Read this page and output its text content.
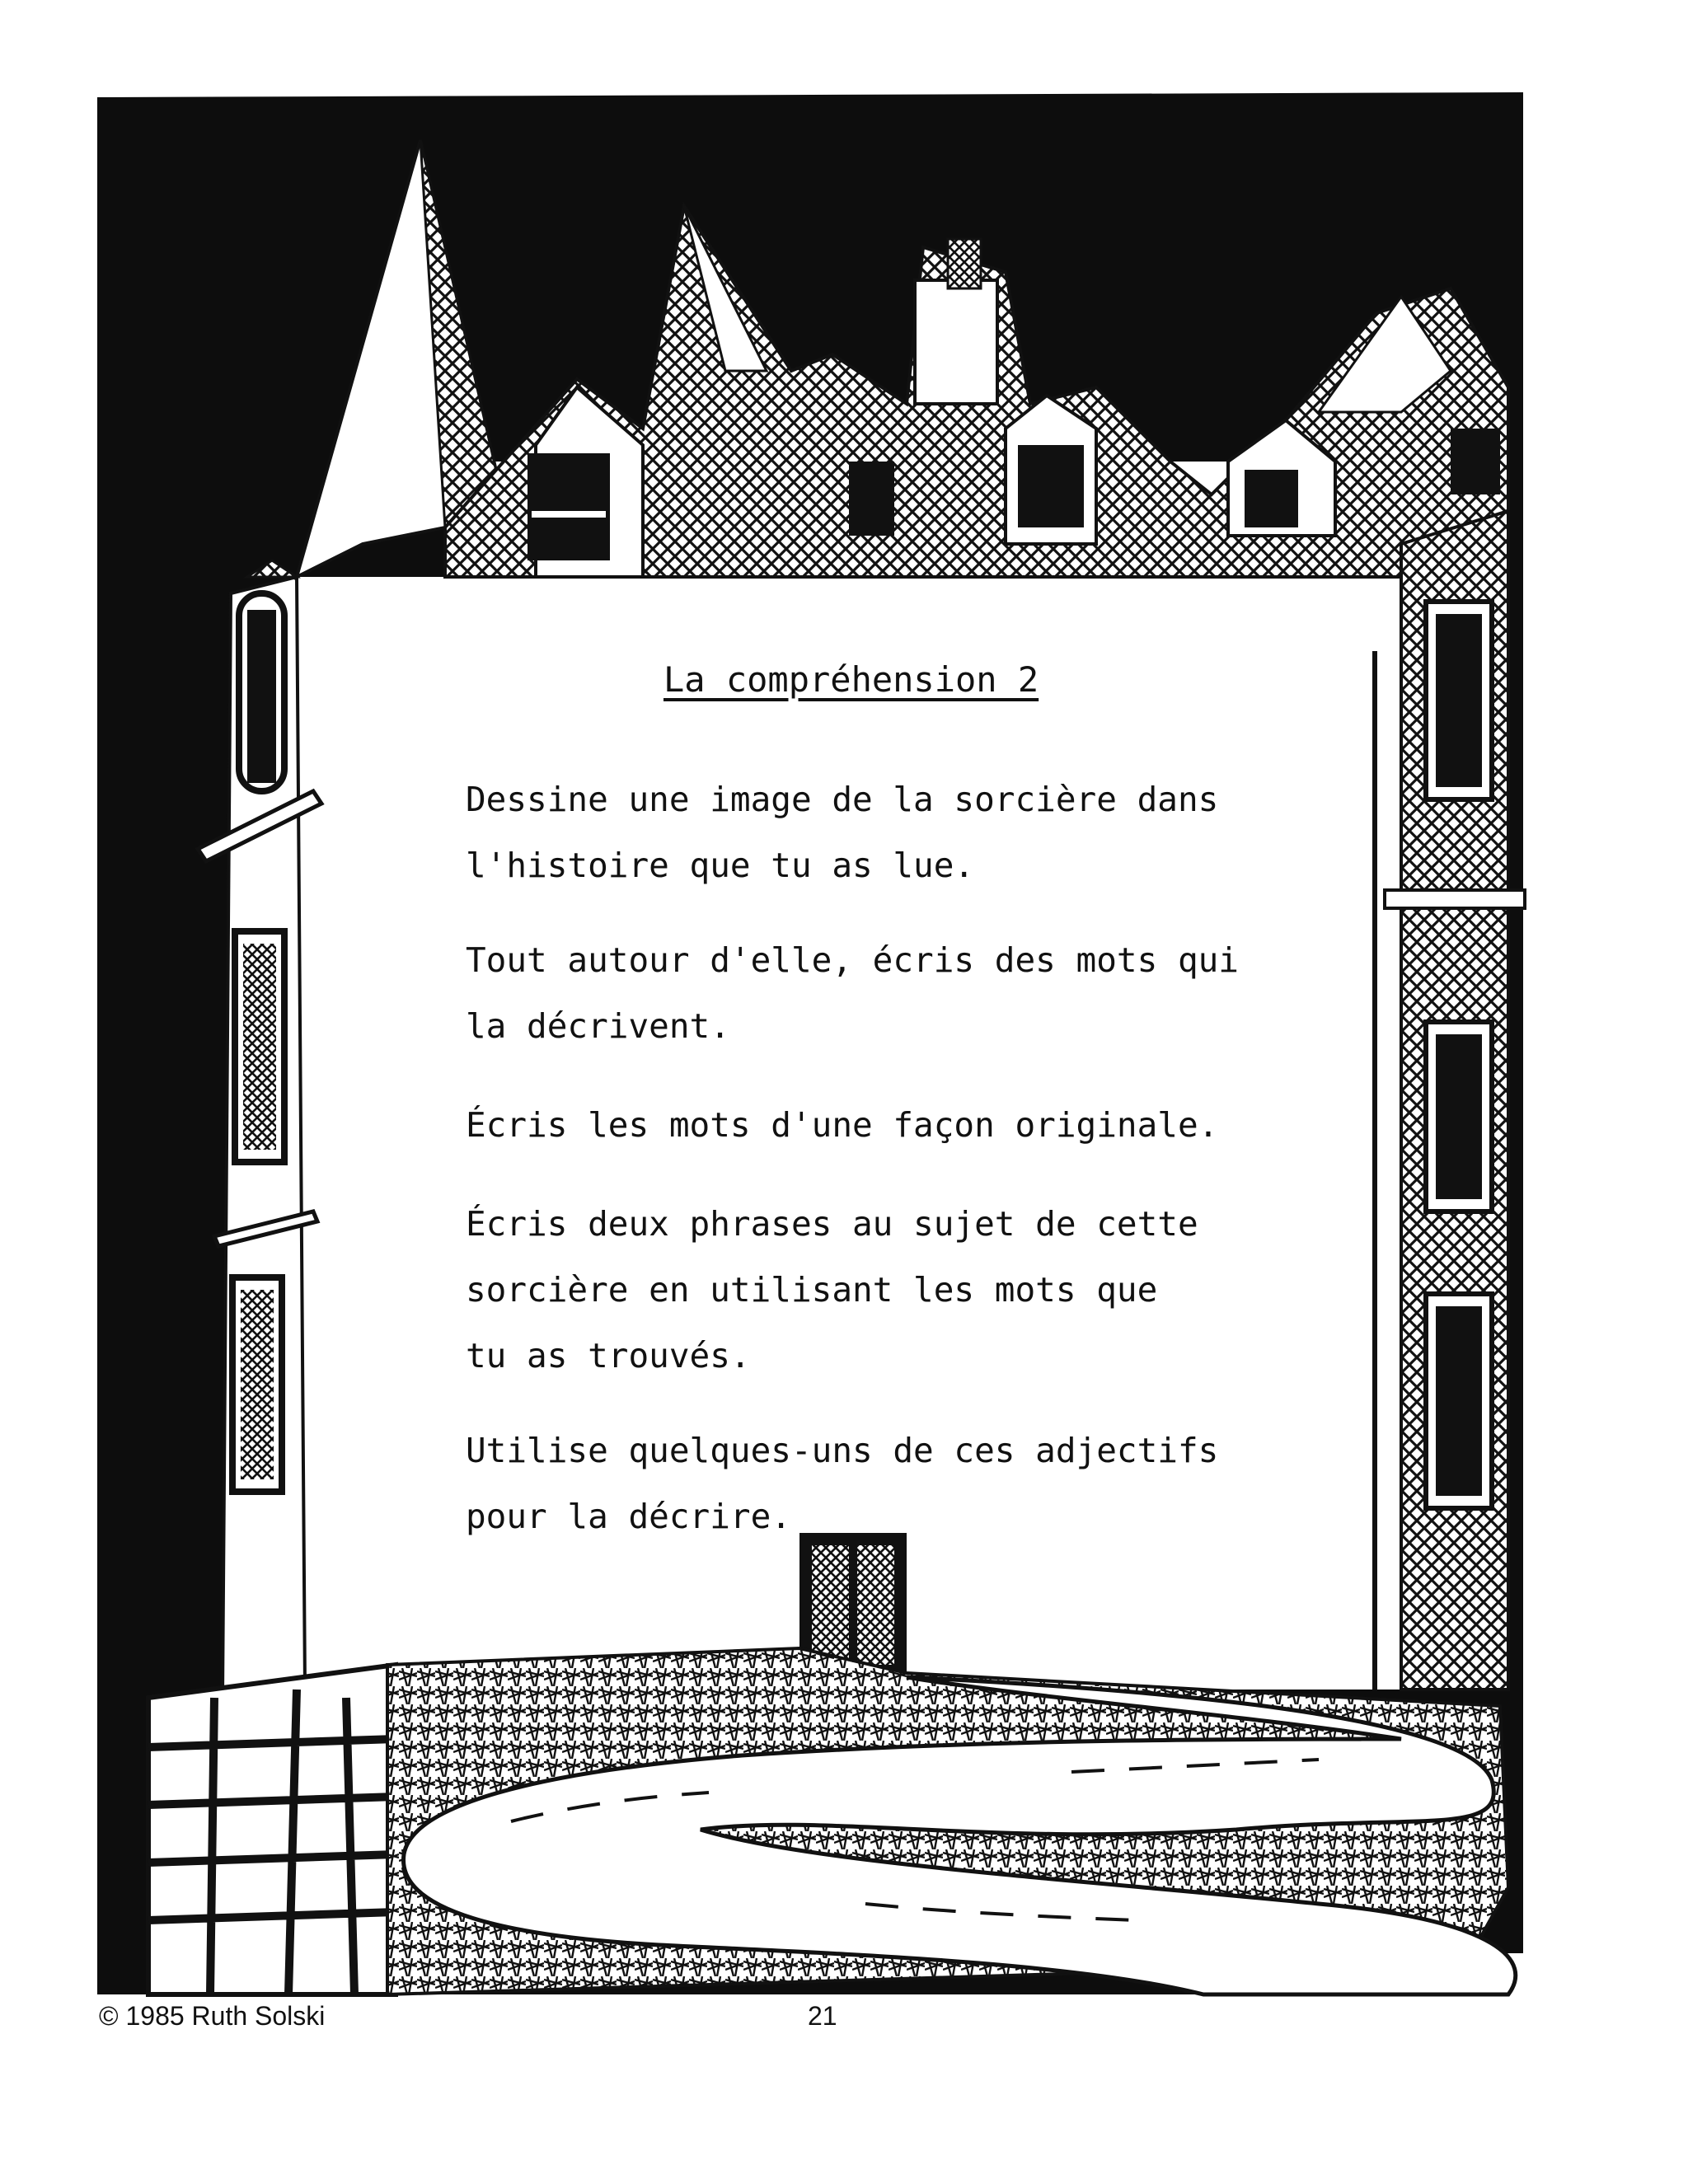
La compréhension 2
Dessine une image de la sorcière dans
l'histoire que tu as lue.
Tout autour d'elle, écris des mots qui
la décrivent.
Écris les mots d'une façon originale.
Écris deux phrases au sujet de cette
sorcière en utilisant les mots que
tu as trouvés.
Utilise quelques-uns de ces adjectifs
pour la décrire.
© 1985 Ruth Solski	21
